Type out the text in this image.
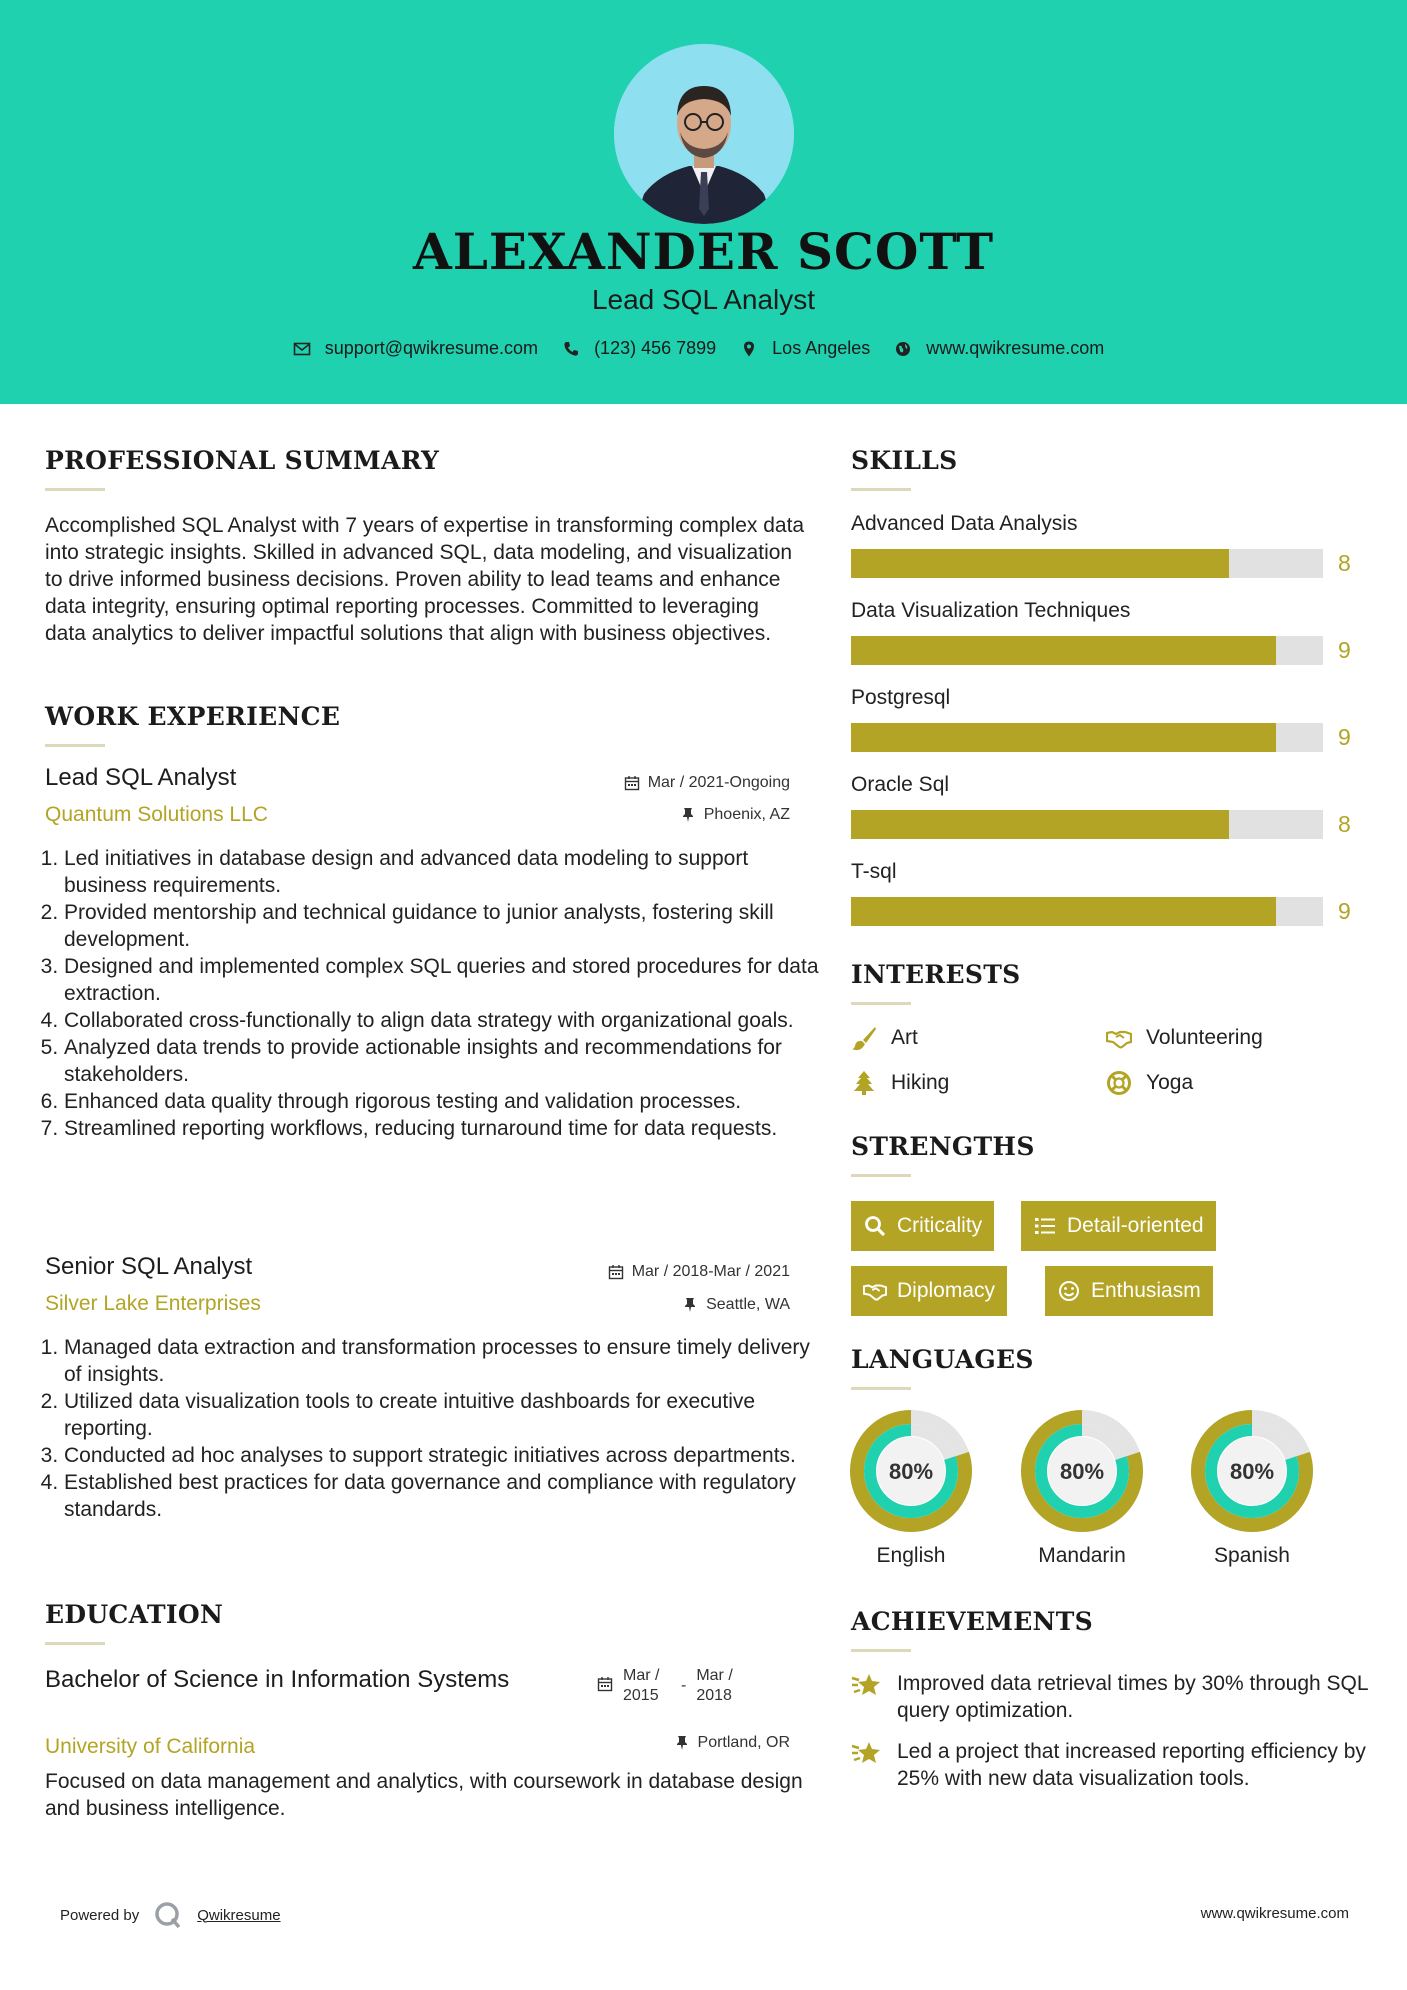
ALEXANDER SCOTT
Lead SQL Analyst
support@qwikresume.com	(123) 456 7899	Los Angeles	www.qwikresume.com
PROFESSIONAL SUMMARY
Accomplished SQL Analyst with 7 years of expertise in transforming complex data into strategic insights. Skilled in advanced SQL, data modeling, and visualization to drive informed business decisions. Proven ability to lead teams and enhance data integrity, ensuring optimal reporting processes. Committed to leveraging data analytics to deliver impactful solutions that align with business objectives.
WORK EXPERIENCE
Lead SQL Analyst	Mar / 2021-Ongoing
Quantum Solutions LLC	Phoenix, AZ
1. Led initiatives in database design and advanced data modeling to support business requirements.
2. Provided mentorship and technical guidance to junior analysts, fostering skill development.
3. Designed and implemented complex SQL queries and stored procedures for data extraction.
4. Collaborated cross-functionally to align data strategy with organizational goals.
5. Analyzed data trends to provide actionable insights and recommendations for stakeholders.
6. Enhanced data quality through rigorous testing and validation processes.
7. Streamlined reporting workflows, reducing turnaround time for data requests.
Senior SQL Analyst	Mar / 2018-Mar / 2021
Silver Lake Enterprises	Seattle, WA
1. Managed data extraction and transformation processes to ensure timely delivery of insights.
2. Utilized data visualization tools to create intuitive dashboards for executive reporting.
3. Conducted ad hoc analyses to support strategic initiatives across departments.
4. Established best practices for data governance and compliance with regulatory standards.
EDUCATION
Bachelor of Science in Information Systems	Mar / 2015
-
Mar / 2018
University of California	Portland, OR
Focused on data management and analytics, with coursework in database design and business intelligence.
SKILLS
Advanced Data Analysis
8
Data Visualization Techniques
9
Postgresql
9
Oracle Sql
8
T-sql
9
INTERESTS
Art	Volunteering
Hiking	Yoga
STRENGTHS
Criticality	Detail-oriented
Diplomacy	Enthusiasm
LANGUAGES
80%
English
80%
Mandarin
80%
Spanish
ACHIEVEMENTS
Improved data retrieval times by 30% through SQL query optimization.
Led a project that increased reporting efficiency by 25% with new data visualization tools.
Powered by	Qwikresume	www.qwikresume.com
